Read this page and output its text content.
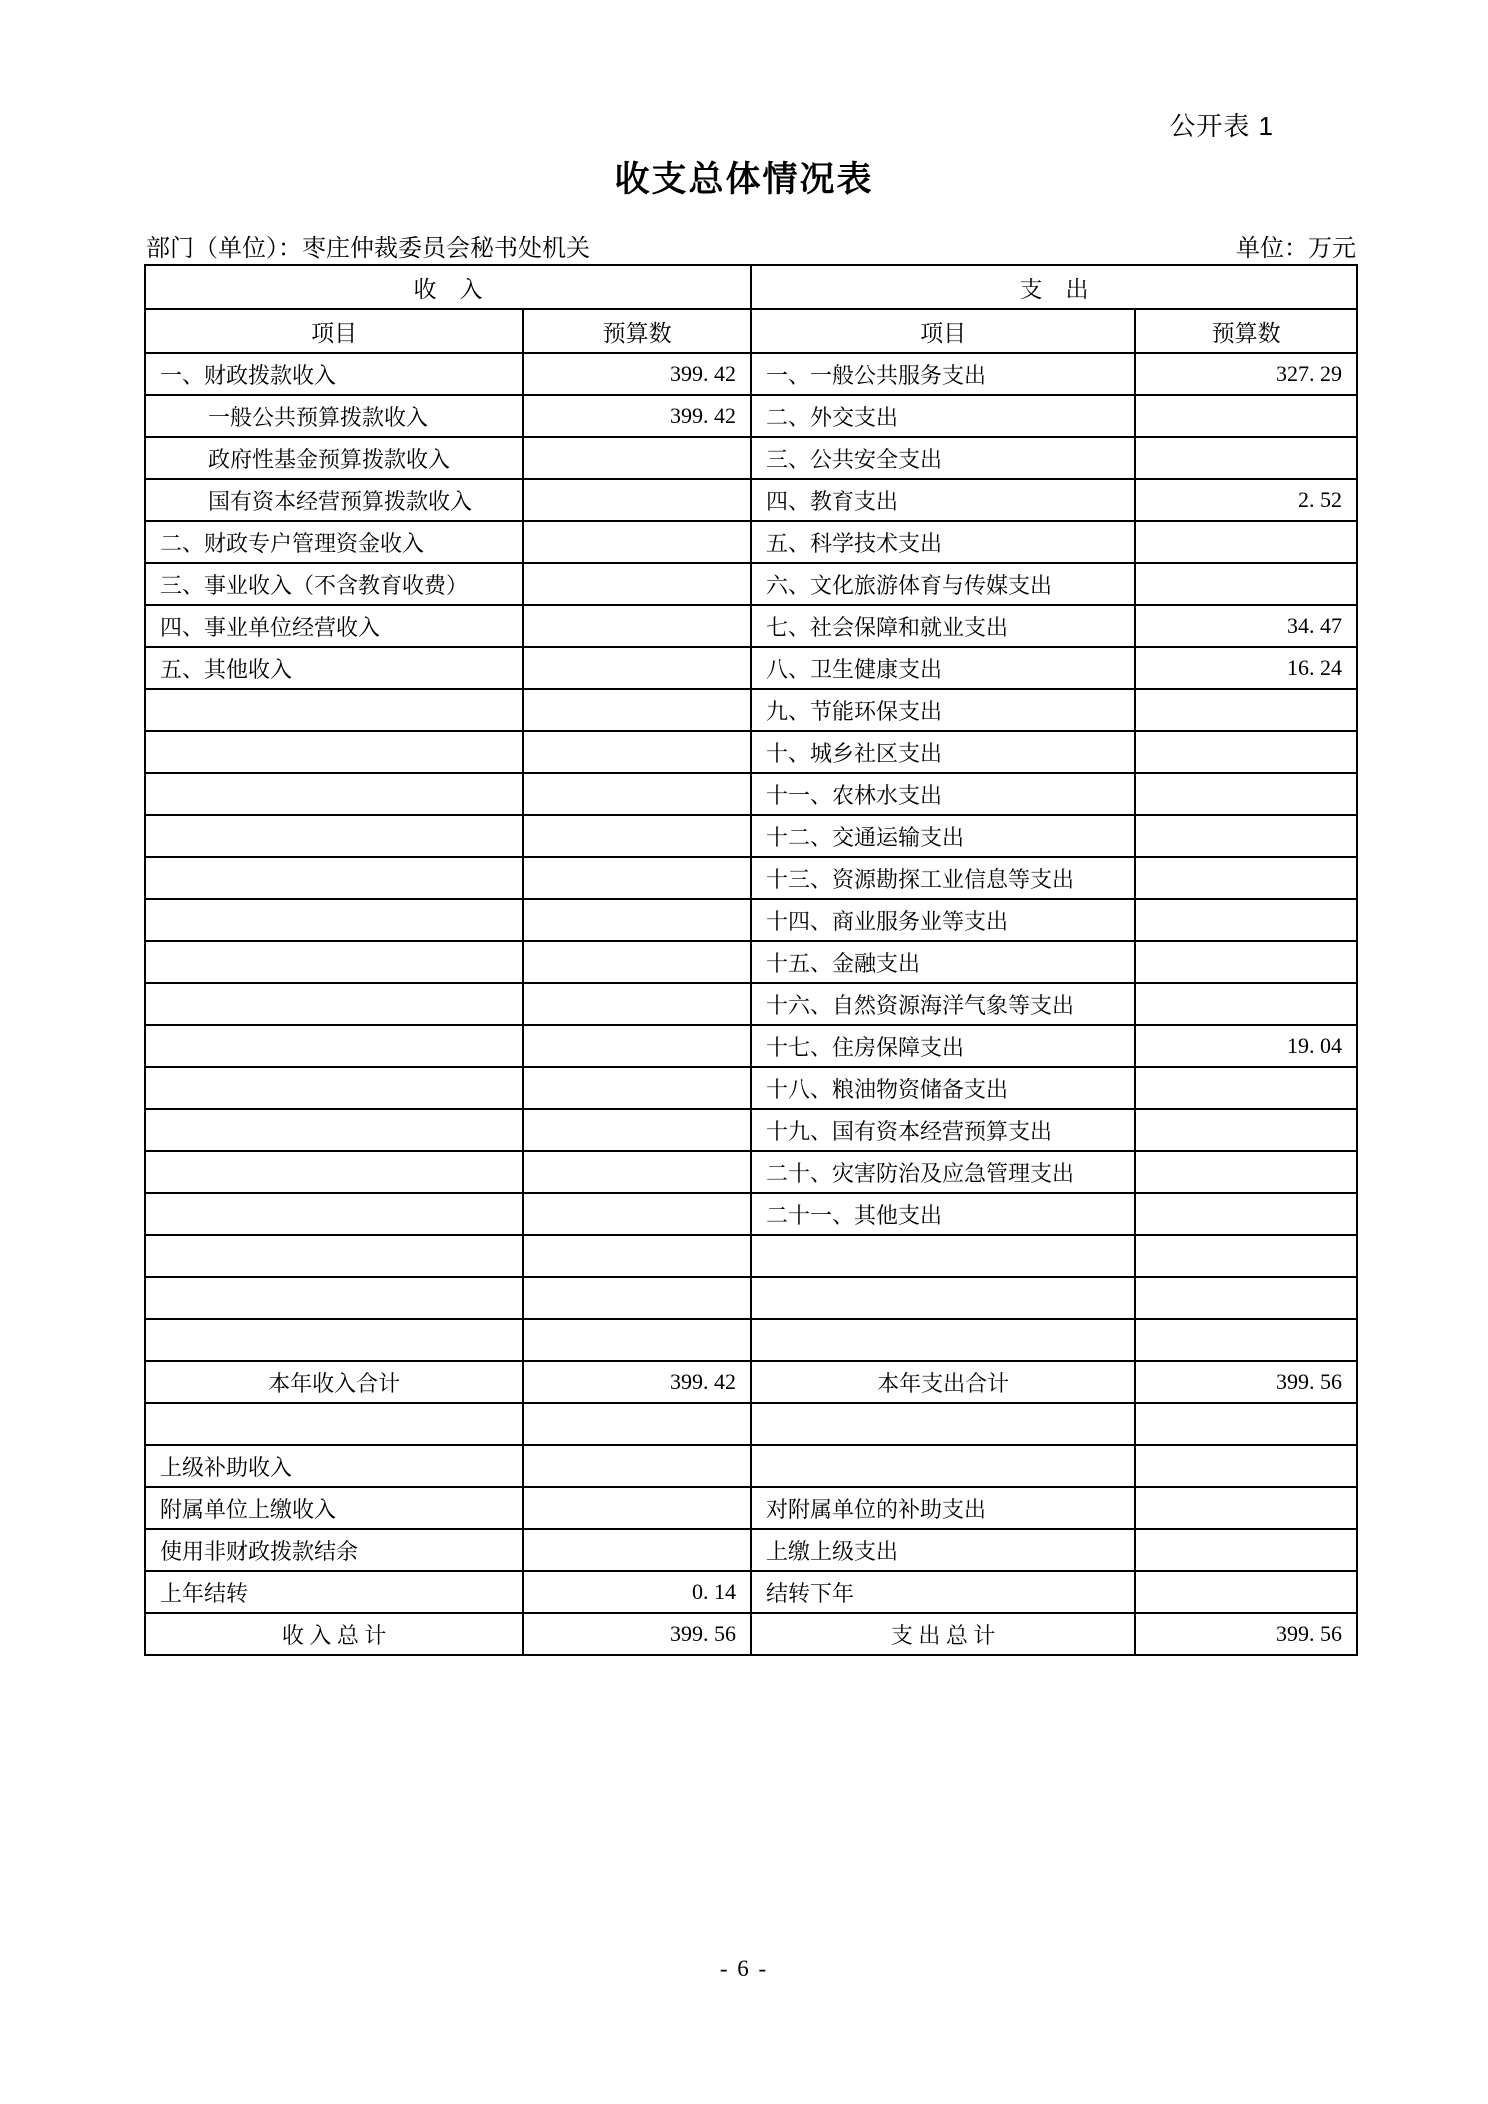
公开表 1
收支总体情况表
部门（单位）：枣庄仲裁委员会秘书处机关	单位：万元
收　入		支　出	
项目	预算数	项目	预算数
一、财政拨款收入	399. 42	一、一般公共服务支出	327. 29
一般公共预算拨款收入	399. 42	二、外交支出	
政府性基金预算拨款收入		三、公共安全支出	
国有资本经营预算拨款收入		四、教育支出	2. 52
二、财政专户管理资金收入		五、科学技术支出	
三、事业收入（不含教育收费）		六、文化旅游体育与传媒支出	
四、事业单位经营收入		七、社会保障和就业支出	34. 47
五、其他收入		八、卫生健康支出	16. 24
		九、节能环保支出	
		十、城乡社区支出	
		十一、农林水支出	
		十二、交通运输支出	
		十三、资源勘探工业信息等支出	
		十四、商业服务业等支出	
		十五、金融支出	
		十六、自然资源海洋气象等支出	
		十七、住房保障支出	19. 04
		十八、粮油物资储备支出	
		十九、国有资本经营预算支出	
		二十、灾害防治及应急管理支出	
		二十一、其他支出	

本年收入合计	399. 42	本年支出合计	399. 56

上级补助收入			
附属单位上缴收入		对附属单位的补助支出	
使用非财政拨款结余		上缴上级支出	
上年结转	0. 14	结转下年	
收 入 总 计	399. 56	支 出 总 计	399. 56
- 6 -
